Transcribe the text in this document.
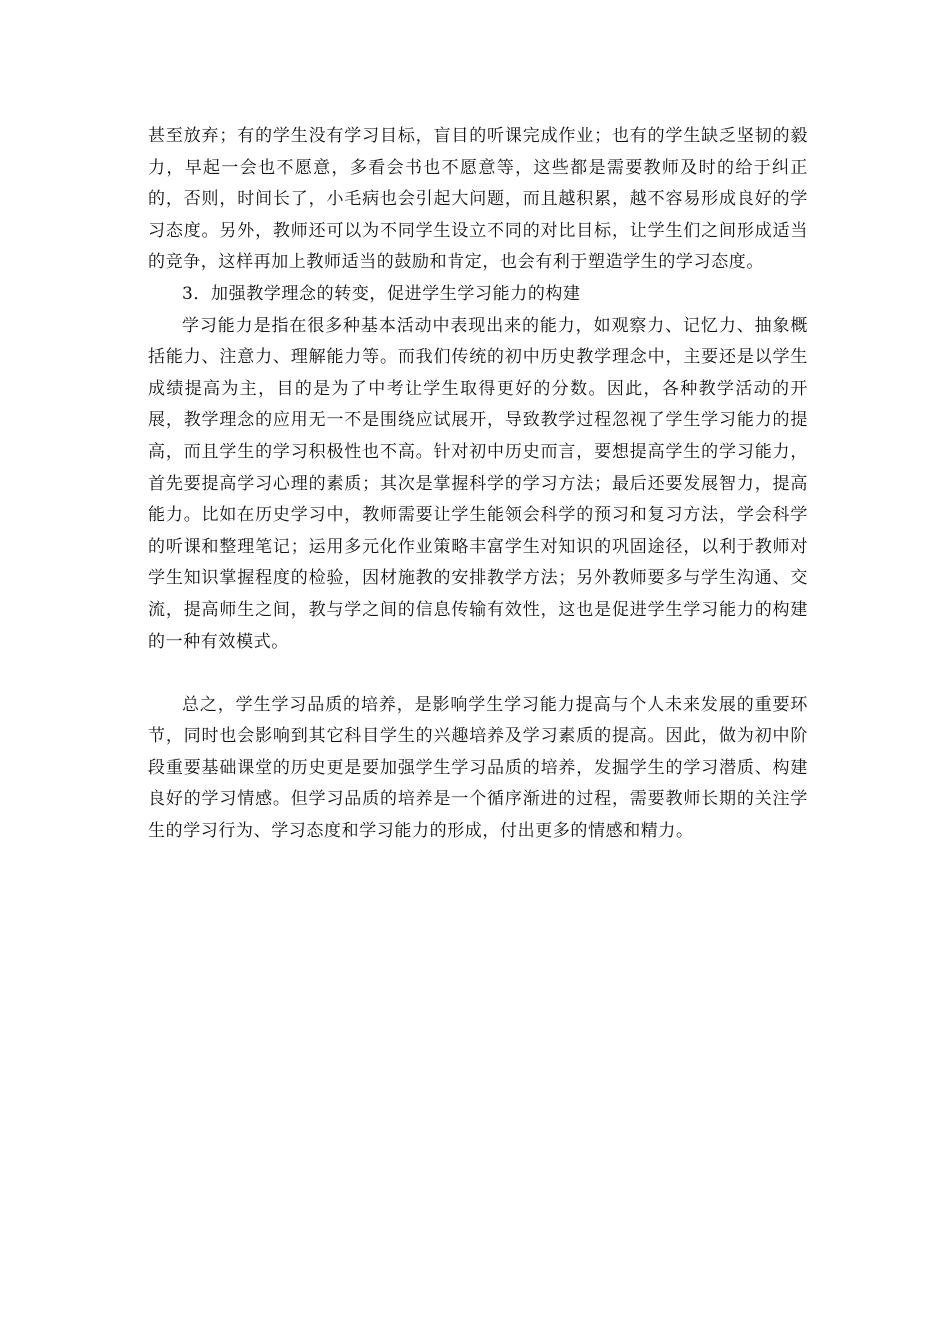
甚至放弃；有的学生没有学习目标，盲目的听课完成作业；也有的学生缺乏坚韧的毅力，早起一会也不愿意，多看会书也不愿意等，这些都是需要教师及时的给于纠正的，否则，时间长了，小毛病也会引起大问题，而且越积累，越不容易形成良好的学习态度。另外，教师还可以为不同学生设立不同的对比目标，让学生们之间形成适当的竞争，这样再加上教师适当的鼓励和肯定，也会有利于塑造学生的学习态度。

3．加强教学理念的转变，促进学生学习能力的构建

学习能力是指在很多种基本活动中表现出来的能力，如观察力、记忆力、抽象概括能力、注意力、理解能力等。而我们传统的初中历史教学理念中，主要还是以学生成绩提高为主，目的是为了中考让学生取得更好的分数。因此，各种教学活动的开展，教学理念的应用无一不是围绕应试展开，导致教学过程忽视了学生学习能力的提高，而且学生的学习积极性也不高。针对初中历史而言，要想提高学生的学习能力，首先要提高学习心理的素质；其次是掌握科学的学习方法；最后还要发展智力，提高能力。比如在历史学习中，教师需要让学生能领会科学的预习和复习方法，学会科学的听课和整理笔记；运用多元化作业策略丰富学生对知识的巩固途径，以利于教师对学生知识掌握程度的检验，因材施教的安排教学方法；另外教师要多与学生沟通、交流，提高师生之间，教与学之间的信息传输有效性，这也是促进学生学习能力的构建的一种有效模式。

总之，学生学习品质的培养，是影响学生学习能力提高与个人未来发展的重要环节，同时也会影响到其它科目学生的兴趣培养及学习素质的提高。因此，做为初中阶段重要基础课堂的历史更是要加强学生学习品质的培养，发掘学生的学习潜质、构建良好的学习情感。但学习品质的培养是一个循序渐进的过程，需要教师长期的关注学生的学习行为、学习态度和学习能力的形成，付出更多的情感和精力。
